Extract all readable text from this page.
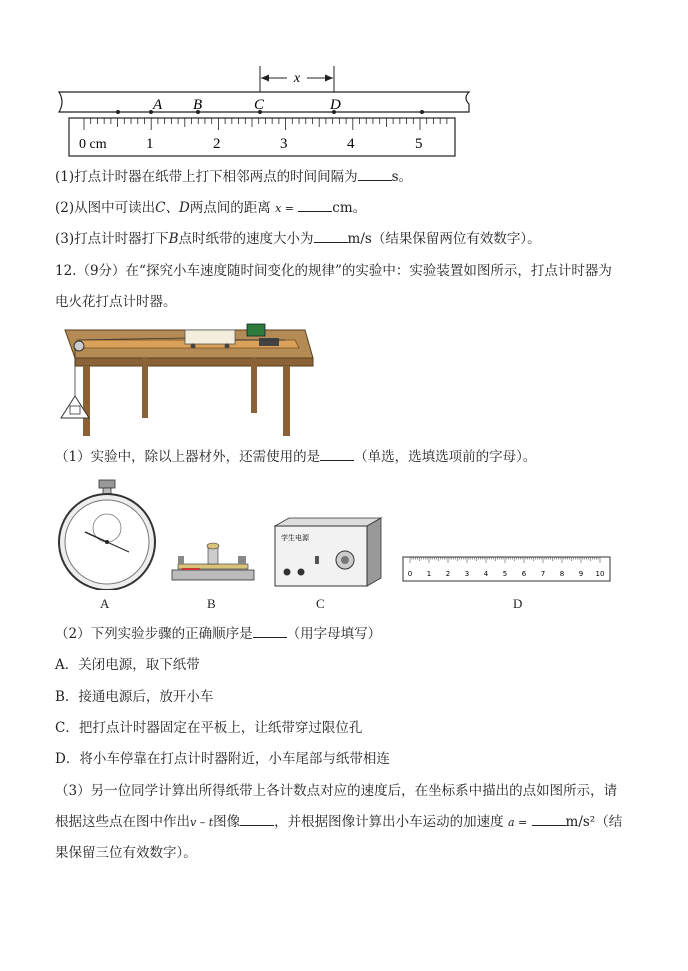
x
A B	C	D
0 cm	1	2	3	4	5
(1)打点计时器在纸带上打下相邻两点的时间间隔为	s。
(2)从图中可读出C、D两点间的距离 x =	cm。
(3)打点计时器打下B点时纸带的速度大小为	m/s（结果保留两位有效数字）。
12.（9分）在“探究小车速度随时间变化的规律”的实验中：实验装置如图所示，打点计时器为
电火花打点计时器。
（1）实验中，除以上器材外，还需使用的是	（单选，选填选项前的字母）。
A	B
学生电源
C
0 1 2 3 4 5 6 7 8 9 10
D
（2）下列实验步骤的正确顺序是	（用字母填写）
A．关闭电源，取下纸带
B．接通电源后，放开小车
C．把打点计时器固定在平板上，让纸带穿过限位孔
D．将小车停靠在打点计时器附近，小车尾部与纸带相连
（3）另一位同学计算出所得纸带上各计数点对应的速度后，在坐标系中描出的点如图所示，请
根据这些点在图中作出v – t图像	，并根据图像计算出小车运动的加速度 a =	m/s²（结
果保留三位有效数字）。
